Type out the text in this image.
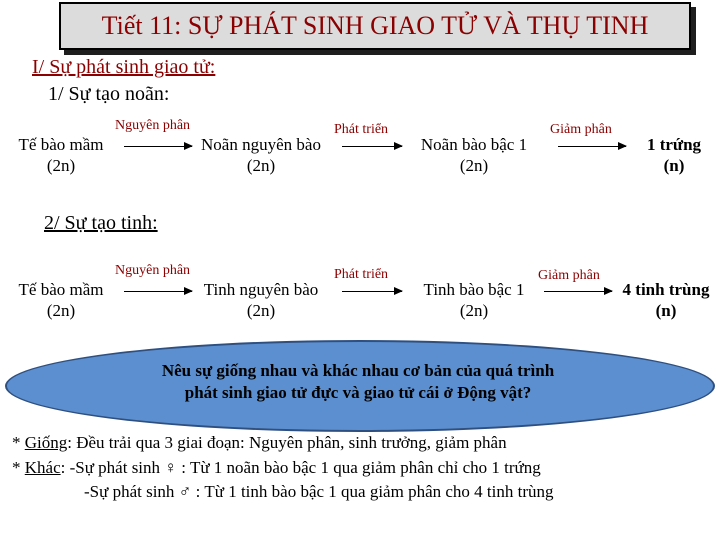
Tiết 11: SỰ PHÁT SINH GIAO TỬ VÀ THỤ TINH
I/ Sự phát sinh giao tử:
1/ Sự tạo noãn:
Tế bào mầm
(2n)
Nguyên phân
Noãn nguyên bào
(2n)
Phát triển
Noãn bào bậc 1
(2n)
Giảm phân
1 trứng
(n)
2/ Sự tạo tinh:
Tế bào mầm
(2n)
Nguyên phân
Tinh nguyên bào
(2n)
Phát triển
Tinh bào bậc 1
(2n)
Giảm phân
4 tinh trùng
(n)
Nêu sự giống nhau và khác nhau cơ bản của quá trình
phát sinh giao tử đực và giao tử cái ở Động vật?
* Giống: Đều trải qua 3 giai đoạn: Nguyên phân, sinh trưởng, giảm phân
* Khác: -Sự phát sinh ♀ : Từ 1 noãn bào bậc 1 qua giảm phân chỉ cho 1 trứng
-Sự phát sinh ♂ : Từ 1 tinh bào bậc 1 qua giảm phân cho 4 tinh trùng
